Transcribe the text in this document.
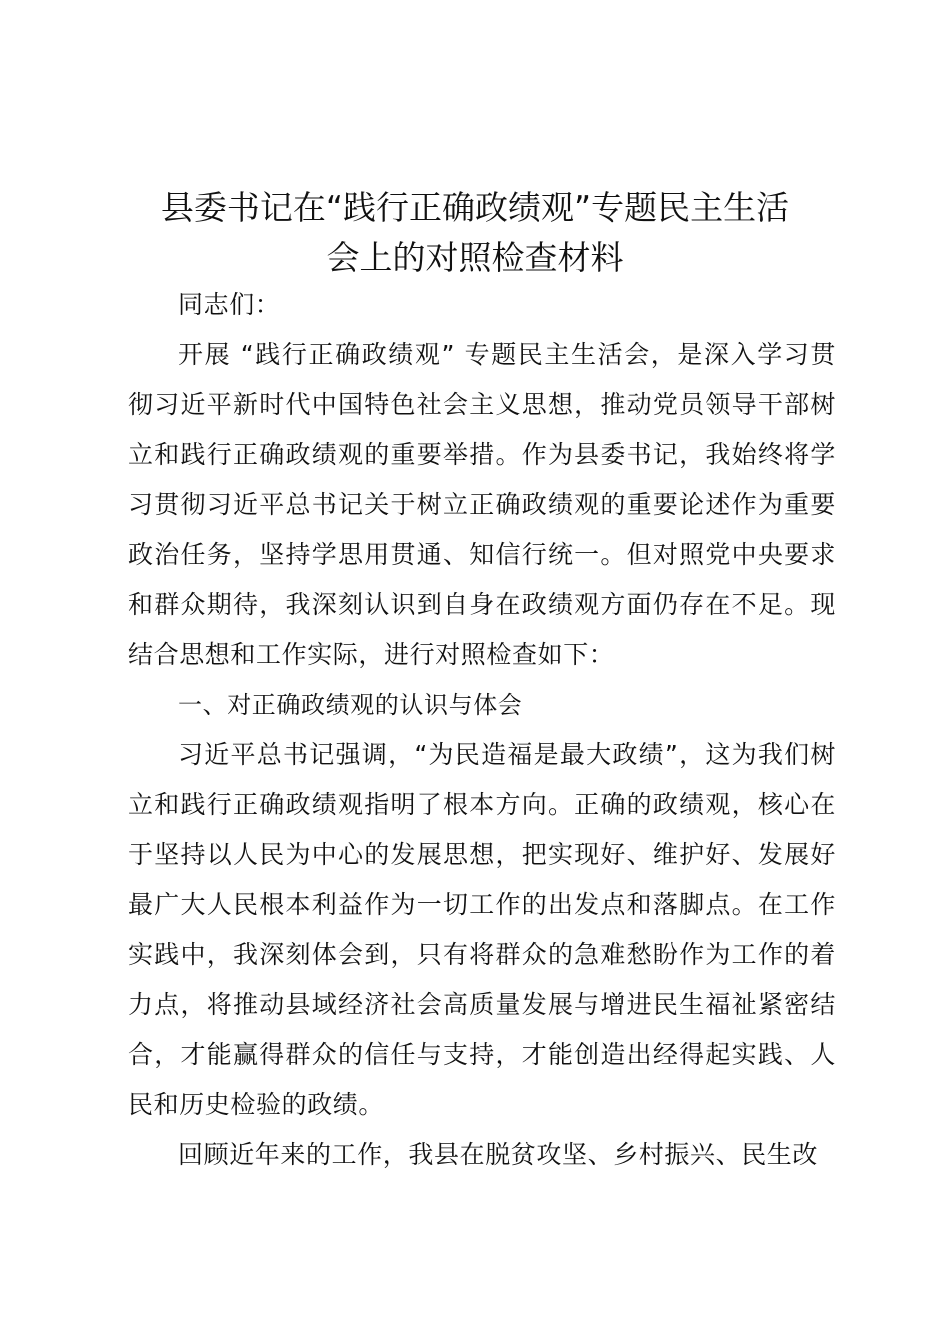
县委书记在“践行正确政绩观”专题民主生活
会上的对照检查材料

同志们：

开展 “践行正确政绩观” 专题民主生活会，是深入学习贯彻习近平新时代中国特色社会主义思想，推动党员领导干部树立和践行正确政绩观的重要举措。作为县委书记，我始终将学习贯彻习近平总书记关于树立正确政绩观的重要论述作为重要政治任务，坚持学思用贯通、知信行统一。但对照党中央要求和群众期待，我深刻认识到自身在政绩观方面仍存在不足。现结合思想和工作实际，进行对照检查如下：

一、对正确政绩观的认识与体会

习近平总书记强调，“为民造福是最大政绩”，这为我们树立和践行正确政绩观指明了根本方向。正确的政绩观，核心在于坚持以人民为中心的发展思想，把实现好、维护好、发展好最广大人民根本利益作为一切工作的出发点和落脚点。在工作实践中，我深刻体会到，只有将群众的急难愁盼作为工作的着力点，将推动县域经济社会高质量发展与增进民生福祉紧密结合，才能赢得群众的信任与支持，才能创造出经得起实践、人民和历史检验的政绩。

回顾近年来的工作，我县在脱贫攻坚、乡村振兴、民生改
